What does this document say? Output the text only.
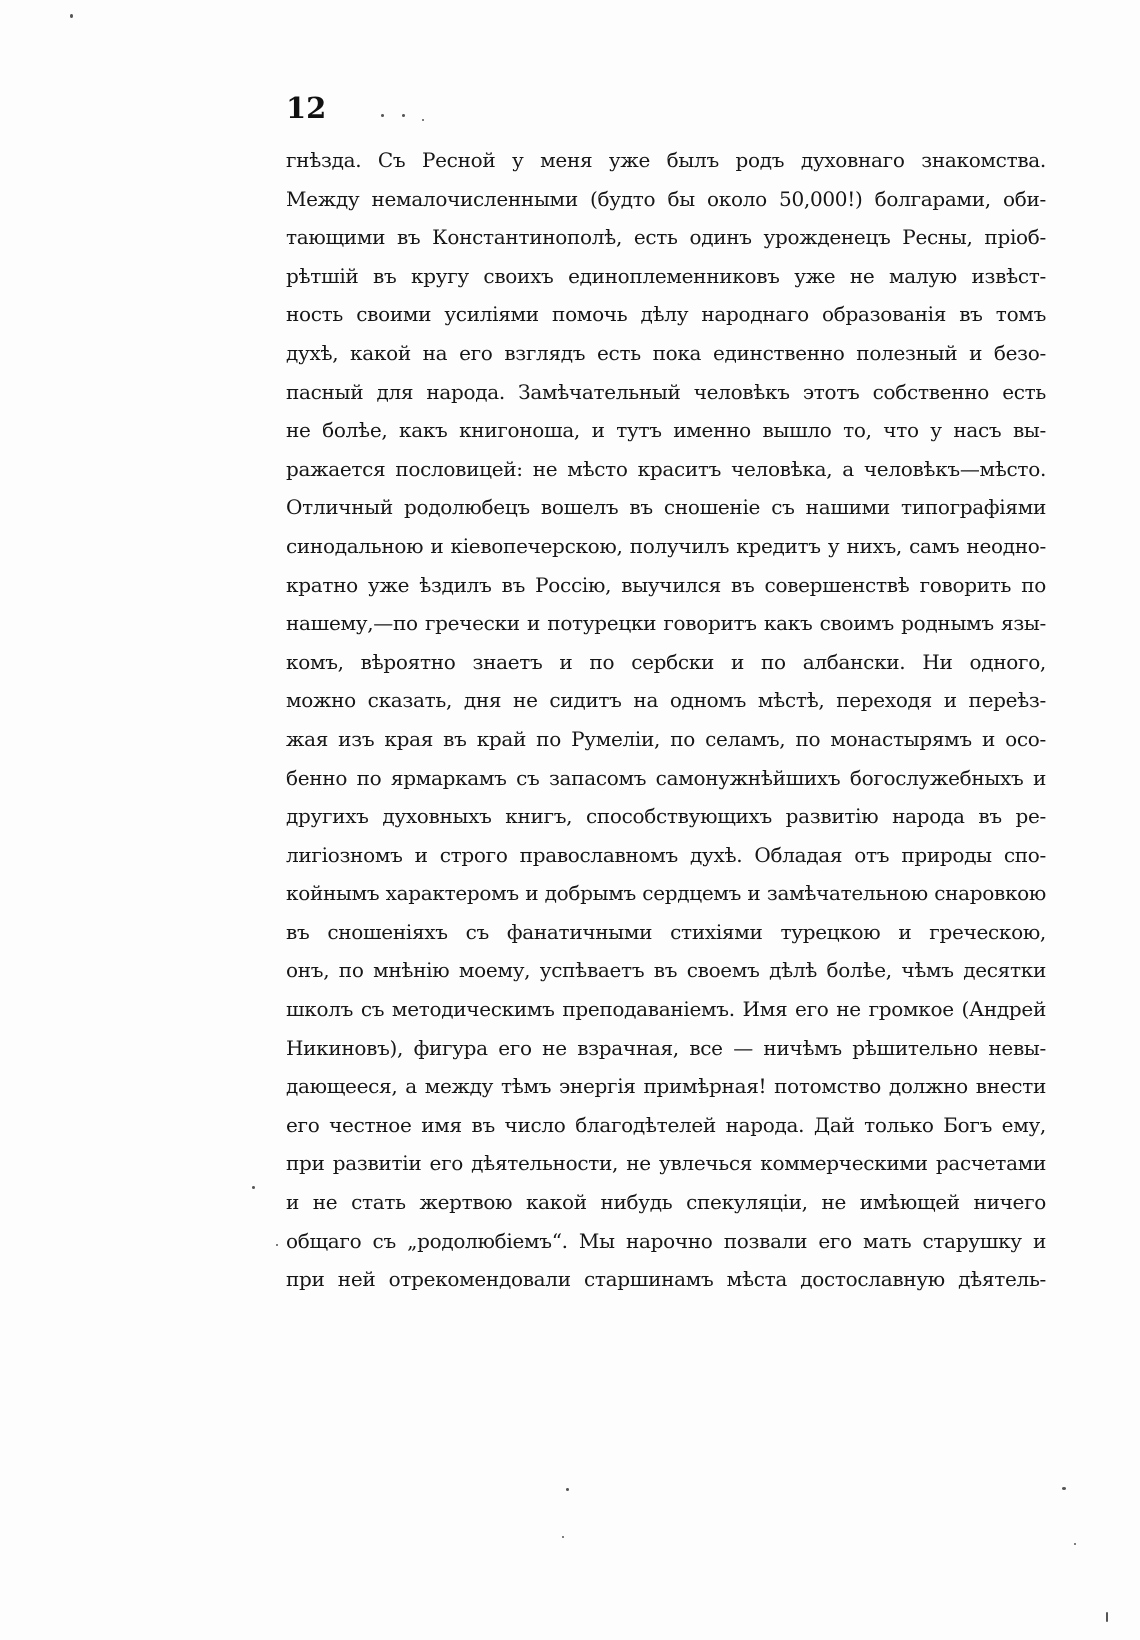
12
гнѣзда. Съ Ресной у меня уже былъ родъ духовнаго знакомства.
Между немалочисленными (будто бы около 50,000!) болгарами, оби-
тающими въ Константинополѣ, есть одинъ урожденецъ Ресны, пріоб-
рѣтшій въ кругу своихъ единоплеменниковъ уже не малую извѣст-
ность своими усиліями помочь дѣлу народнаго образованія въ томъ
духѣ, какой на его взглядъ есть пока единственно полезный и безо-
пасный для народа. Замѣчательный человѣкъ этотъ собственно есть
не болѣе, какъ книгоноша, и тутъ именно вышло то, что у насъ вы-
ражается пословицей: не мѣсто краситъ человѣка, а человѣкъ—мѣсто.
Отличный родолюбецъ вошелъ въ сношеніе съ нашими типографіями
синодальною и кіевопечерскою, получилъ кредитъ у нихъ, самъ неодно-
кратно уже ѣздилъ въ Россію, выучился въ совершенствѣ говорить по
нашему,—по гречески и потурецки говоритъ какъ своимъ роднымъ язы-
комъ, вѣроятно знаетъ и по сербски и по албански. Ни одного,
можно сказать, дня не сидитъ на одномъ мѣстѣ, переходя и переѣз-
жая изъ края въ край по Румеліи, по селамъ, по монастырямъ и осо-
бенно по ярмаркамъ съ запасомъ самонужнѣйшихъ богослужебныхъ и
другихъ духовныхъ книгъ, способствующихъ развитію народа въ ре-
лигіозномъ и строго православномъ духѣ. Обладая отъ природы спо-
койнымъ характеромъ и добрымъ сердцемъ и замѣчательною снаровкою
въ сношеніяхъ съ фанатичными стихіями турецкою и греческою,
онъ, по мнѣнію моему, успѣваетъ въ своемъ дѣлѣ болѣе, чѣмъ десятки
школъ съ методическимъ преподаваніемъ. Имя его не громкое (Андрей
Никиновъ), фигура его не взрачная, все — ничѣмъ рѣшительно невы-
дающееся, а между тѣмъ энергія примѣрная! потомство должно внести
его честное имя въ число благодѣтелей народа. Дай только Богъ ему,
при развитіи его дѣятельности, не увлечься коммерческими расчетами
и не стать жертвою какой нибудь спекуляціи, не имѣющей ничего
общаго съ „родолюбіемъ“. Мы нарочно позвали его мать старушку и
при ней отрекомендовали старшинамъ мѣста достославную дѣятель-
